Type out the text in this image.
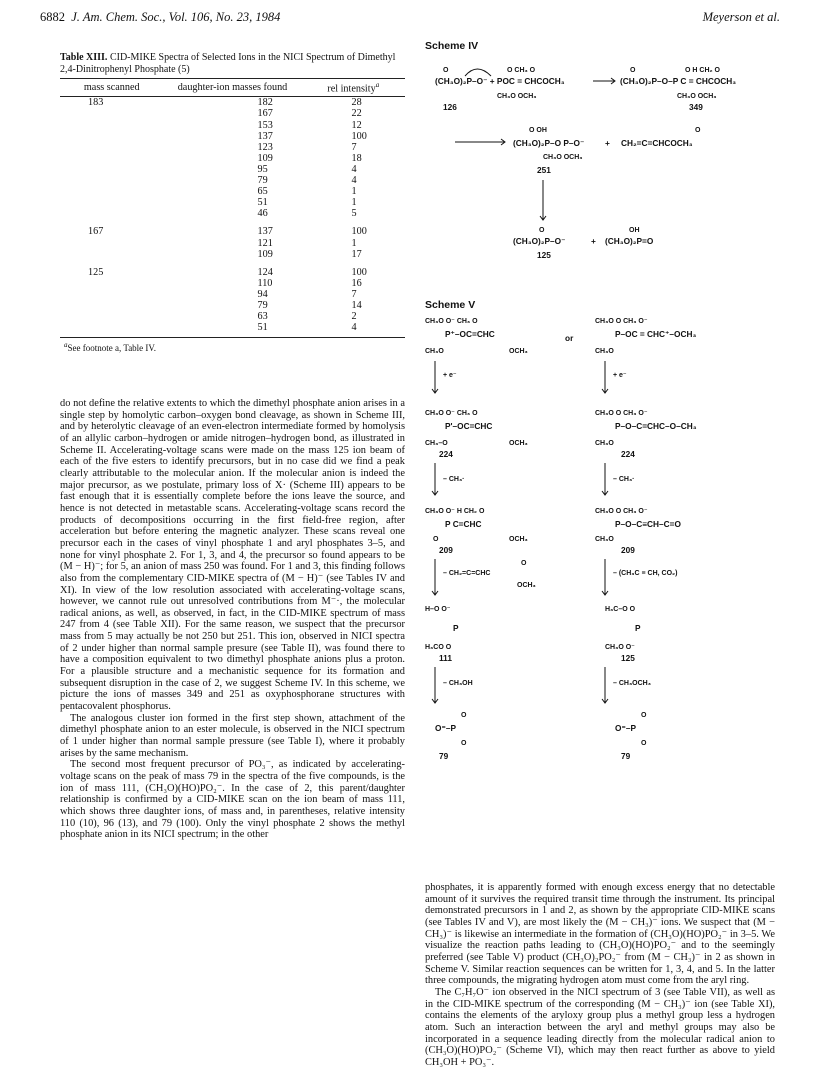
6882 J. Am. Chem. Soc., Vol. 106, No. 23, 1984	Meyerson et al.
Table XIII. CID-MIKE Spectra of Selected Ions in the NICI Spectrum of Dimethyl 2,4-Dinitrophenyl Phosphate (5)
mass scanned	daughter-ion masses found	rel intensity$^a$
183	182	28
	167	22
	153	12
	137	100
	123	7
	109	18
	95	4
	79	4
	65	1
	51	1
	46	5
167	137	100
	121	1
	109	17
125	124	100
	110	16
	94	7
	79	14
	63	2
	51	4
$^a$See footnote a, Table IV.

do not define the relative extents to which the dimethyl phosphate anion arises in a single step by homolytic carbon–oxygen bond cleavage, as shown in Scheme III, and by heterolytic cleavage of an even-electron intermediate formed by homolysis of an allylic carbon–hydrogen or amide nitrogen–hydrogen bond, as illustrated in Scheme II. Accelerating-voltage scans were made on the mass 125 ion beam of each of the five esters to identify precursors, but in no case did we find a peak clearly attributable to the molecular anion. If the molecular anion is indeed the major precursor, as we postulate, primary loss of X· (Scheme III) appears to be fast enough that it is essentially complete before the ions leave the source, and hence is not detected in metastable scans. Accelerating-voltage scans record the products of decompositions occurring in the first field-free region, after acceleration but before entering the magnetic analyzer. These scans reveal one precursor each in the cases of vinyl phosphate 1 and aryl phosphates 3–5, and none for vinyl phosphate 2. For 1, 3, and 4, the precursor so found appears to be (M − H)⁻; for 5, an anion of mass 250 was found. For 1 and 3, this finding follows also from the complementary CID-MIKE spectra of (M − H)⁻ (see Tables IV and XI). In view of the low resolution associated with accelerating-voltage scans, however, we cannot rule out unresolved contributions from M⁻·, the molecular radical anions, as well, as observed, in fact, in the CID-MIKE spectrum of mass 247 from 4 (see Table XII). For the same reason, we suspect that the precursor mass from 5 may actually be not 250 but 251. This ion, observed in NICI spectra of 2 under higher than normal sample presure (see Table II), was found there to have a composition equivalent to two dimethyl phosphate anions plus a proton. For a plausible structure and a mechanistic sequence for its formation and subsequent disruption in the case of 2, we suggest Scheme IV. In this scheme, we picture the ions of masses 349 and 251 as oxyphosphorane structures with pentacovalent phosphorus.

The analogous cluster ion formed in the first step shown, attachment of the dimethyl phosphate anion to an ester molecule, is observed in the NICI spectrum of 1 under higher than normal sample pressure (see Table I), where it probably arises by the same mechanism.

The second most frequent precursor of PO₃⁻, as indicated by accelerating-voltage scans on the peak of mass 79 in the spectra of the five compounds, is the ion of mass 111, (CH₃O)(HO)PO₂⁻. In the case of 2, this parent/daughter relationship is confirmed by a CID-MIKE scan on the ion beam of mass 111, which shows three daughter ions, of mass and, in parentheses, relative intensity 110 (10), 96 (13), and 79 (100). Only the vinyl phosphate 2 shows the methyl phosphate anion in its NICI spectrum; in the other

Scheme IV
(CH₃O)₂P–O⁻ + POC = CHCOCH₃
CH₃O OCH₃
O	O CH₃ O
(CH₃O)₂P–O–P C = CHCOCH₃
CH₃O OCH₃
O	O H CH₂ O
126	349
(CH₃O)₂P–O P–O⁻
CH₃O OCH₃
O OH
+ CH₂=C=CHCOCH₃
O
251
O
(CH₃O)₂P–O⁻	+
OH
(CH₃O)₂P=O
125
Scheme V
CH₃O O⁻ CH₃ O
P⁺–OC=CHC
CH₃O	OCH₃
or
CH₃O O CH₃ O⁻
P–OC = CHC⁺–OCH₃
CH₃O
+ e⁻	+ e⁻
CH₃O O⁻ CH₃ O
P'–OC=CHC
CH₃–O	OCH₃
224
CH₃O O CH₃ O⁻
P–O–C=CHC–O–CH₃
CH₃O
224
– CH₃·	– CH₃·
CH₃O O⁻ H CH₂ O
P C=CHC
O	OCH₃
209
CH₃O O CH₃ O⁻
P–O–C≡CH–C=O
CH₃O
209
– CH₂=C=CHC
O
OCH₃
– (CH₃C ≡ CH, CO₂)
H–O O⁻
P
H₃CO O
111
H₃C–O O
P
CH₃O O⁻
125
– CH₃OH	– CH₃OCH₃
O
O⁼–P
O
79
O
O⁼–P
O
79

phosphates, it is apparently formed with enough excess energy that no detectable amount of it survives the required transit time through the instrument. Its principal demonstrated precursors in 1 and 2, as shown by the appropriate CID-MIKE scans (see Tables IV and V), are most likely the (M − CH₃)⁻ ions. We suspect that (M − CH₃)⁻ is likewise an intermediate in the formation of (CH₃O)(HO)PO₂⁻ in 3–5. We visualize the reaction paths leading to (CH₃O)(HO)PO₂⁻ and to the seemingly preferred (see Table V) product (CH₃O)₂PO₂⁻ from (M − CH₃)⁻ in 2 as shown in Scheme V. Similar reaction sequences can be written for 1, 3, 4, and 5. In the latter three compounds, the migrating hydrogen atom must come from the aryl ring.

The C₇H₇O⁻ ion observed in the NICI spectrum of 3 (see Table VII), as well as in the CID-MIKE spectrum of the corresponding (M − CH₃)⁻ ion (see Table XI), contains the elements of the aryloxy group plus a methyl group less a hydrogen atom. Such an interaction between the aryl and methyl groups may also be incorporated in a sequence leading directly from the molecular radical anion to (CH₃O)(HO)PO₂⁻ (Scheme VI), which may then react further as above to yield CH₃OH + PO₃⁻.
